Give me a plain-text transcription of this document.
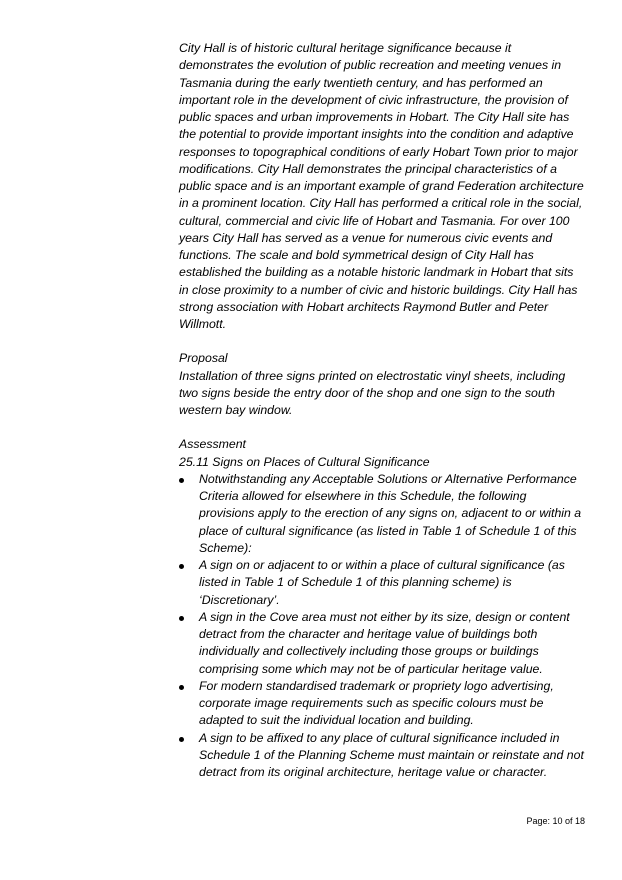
City Hall is of historic cultural heritage significance because it demonstrates the evolution of public recreation and meeting venues in Tasmania during the early twentieth century, and has performed an important role in the development of civic infrastructure, the provision of public spaces and urban improvements in Hobart. The City Hall site has the potential to provide important insights into the condition and adaptive responses to topographical conditions of early Hobart Town prior to major modifications. City Hall demonstrates the principal characteristics of a public space and is an important example of grand Federation architecture in a prominent location. City Hall has performed a critical role in the social, cultural, commercial and civic life of Hobart and Tasmania. For over 100 years City Hall has served as a venue for numerous civic events and functions. The scale and bold symmetrical design of City Hall has established the building as a notable historic landmark in Hobart that sits in close proximity to a number of civic and historic buildings. City Hall has strong association with Hobart architects Raymond Butler and Peter Willmott.

Proposal

Installation of three signs printed on electrostatic vinyl sheets, including two signs beside the entry door of the shop and one sign to the south western bay window.

Assessment

25.11 Signs on Places of Cultural Significance

Notwithstanding any Acceptable Solutions or Alternative Performance Criteria allowed for elsewhere in this Schedule, the following provisions apply to the erection of any signs on, adjacent to or within a place of cultural significance (as listed in Table 1 of Schedule 1 of this Scheme):
A sign on or adjacent to or within a place of cultural significance (as listed in Table 1 of Schedule 1 of this planning scheme) is ‘Discretionary’.
A sign in the Cove area must not either by its size, design or content detract from the character and heritage value of buildings both individually and collectively including those groups or buildings comprising some which may not be of particular heritage value.
For modern standardised trademark or propriety logo advertising, corporate image requirements such as specific colours must be adapted to suit the individual location and building.
A sign to be affixed to any place of cultural significance included in Schedule 1 of the Planning Scheme must maintain or reinstate and not detract from its original architecture, heritage value or character.
Page: 10 of 18
